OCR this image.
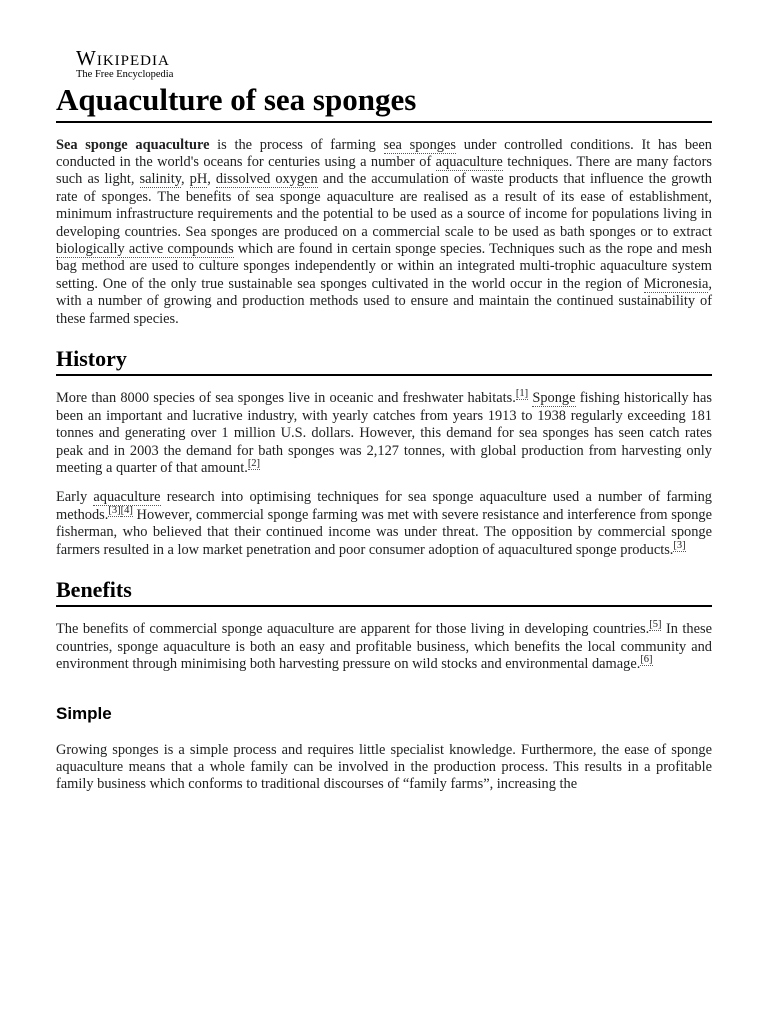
Wikipedia
The Free Encyclopedia
Aquaculture of sea sponges

Sea sponge aquaculture is the process of farming sea sponges under controlled conditions. It has been conducted in the world's oceans for centuries using a number of aquaculture techniques. There are many factors such as light, salinity, pH, dissolved oxygen and the accumulation of waste products that influence the growth rate of sponges. The benefits of sea sponge aquaculture are realised as a result of its ease of establishment, minimum infrastructure requirements and the potential to be used as a source of income for populations living in developing countries. Sea sponges are produced on a commercial scale to be used as bath sponges or to extract biologically active compounds which are found in certain sponge species. Techniques such as the rope and mesh bag method are used to culture sponges independently or within an integrated multi-trophic aquaculture system setting. One of the only true sustainable sea sponges cultivated in the world occur in the region of Micronesia, with a number of growing and production methods used to ensure and maintain the continued sustainability of these farmed species.

History

More than 8000 species of sea sponges live in oceanic and freshwater habitats.[1] Sponge fishing historically has been an important and lucrative industry, with yearly catches from years 1913 to 1938 regularly exceeding 181 tonnes and generating over 1 million U.S. dollars. However, this demand for sea sponges has seen catch rates peak and in 2003 the demand for bath sponges was 2,127 tonnes, with global production from harvesting only meeting a quarter of that amount.[2]

Early aquaculture research into optimising techniques for sea sponge aquaculture used a number of farming methods.[3][4] However, commercial sponge farming was met with severe resistance and interference from sponge fisherman, who believed that their continued income was under threat. The opposition by commercial sponge farmers resulted in a low market penetration and poor consumer adoption of aquacultured sponge products.[3]

Benefits

The benefits of commercial sponge aquaculture are apparent for those living in developing countries.[5] In these countries, sponge aquaculture is both an easy and profitable business, which benefits the local community and environment through minimising both harvesting pressure on wild stocks and environmental damage.[6]

Simple

Growing sponges is a simple process and requires little specialist knowledge. Furthermore, the ease of sponge aquaculture means that a whole family can be involved in the production process. This results in a profitable family business which conforms to traditional discourses of “family farms”, increasing the
